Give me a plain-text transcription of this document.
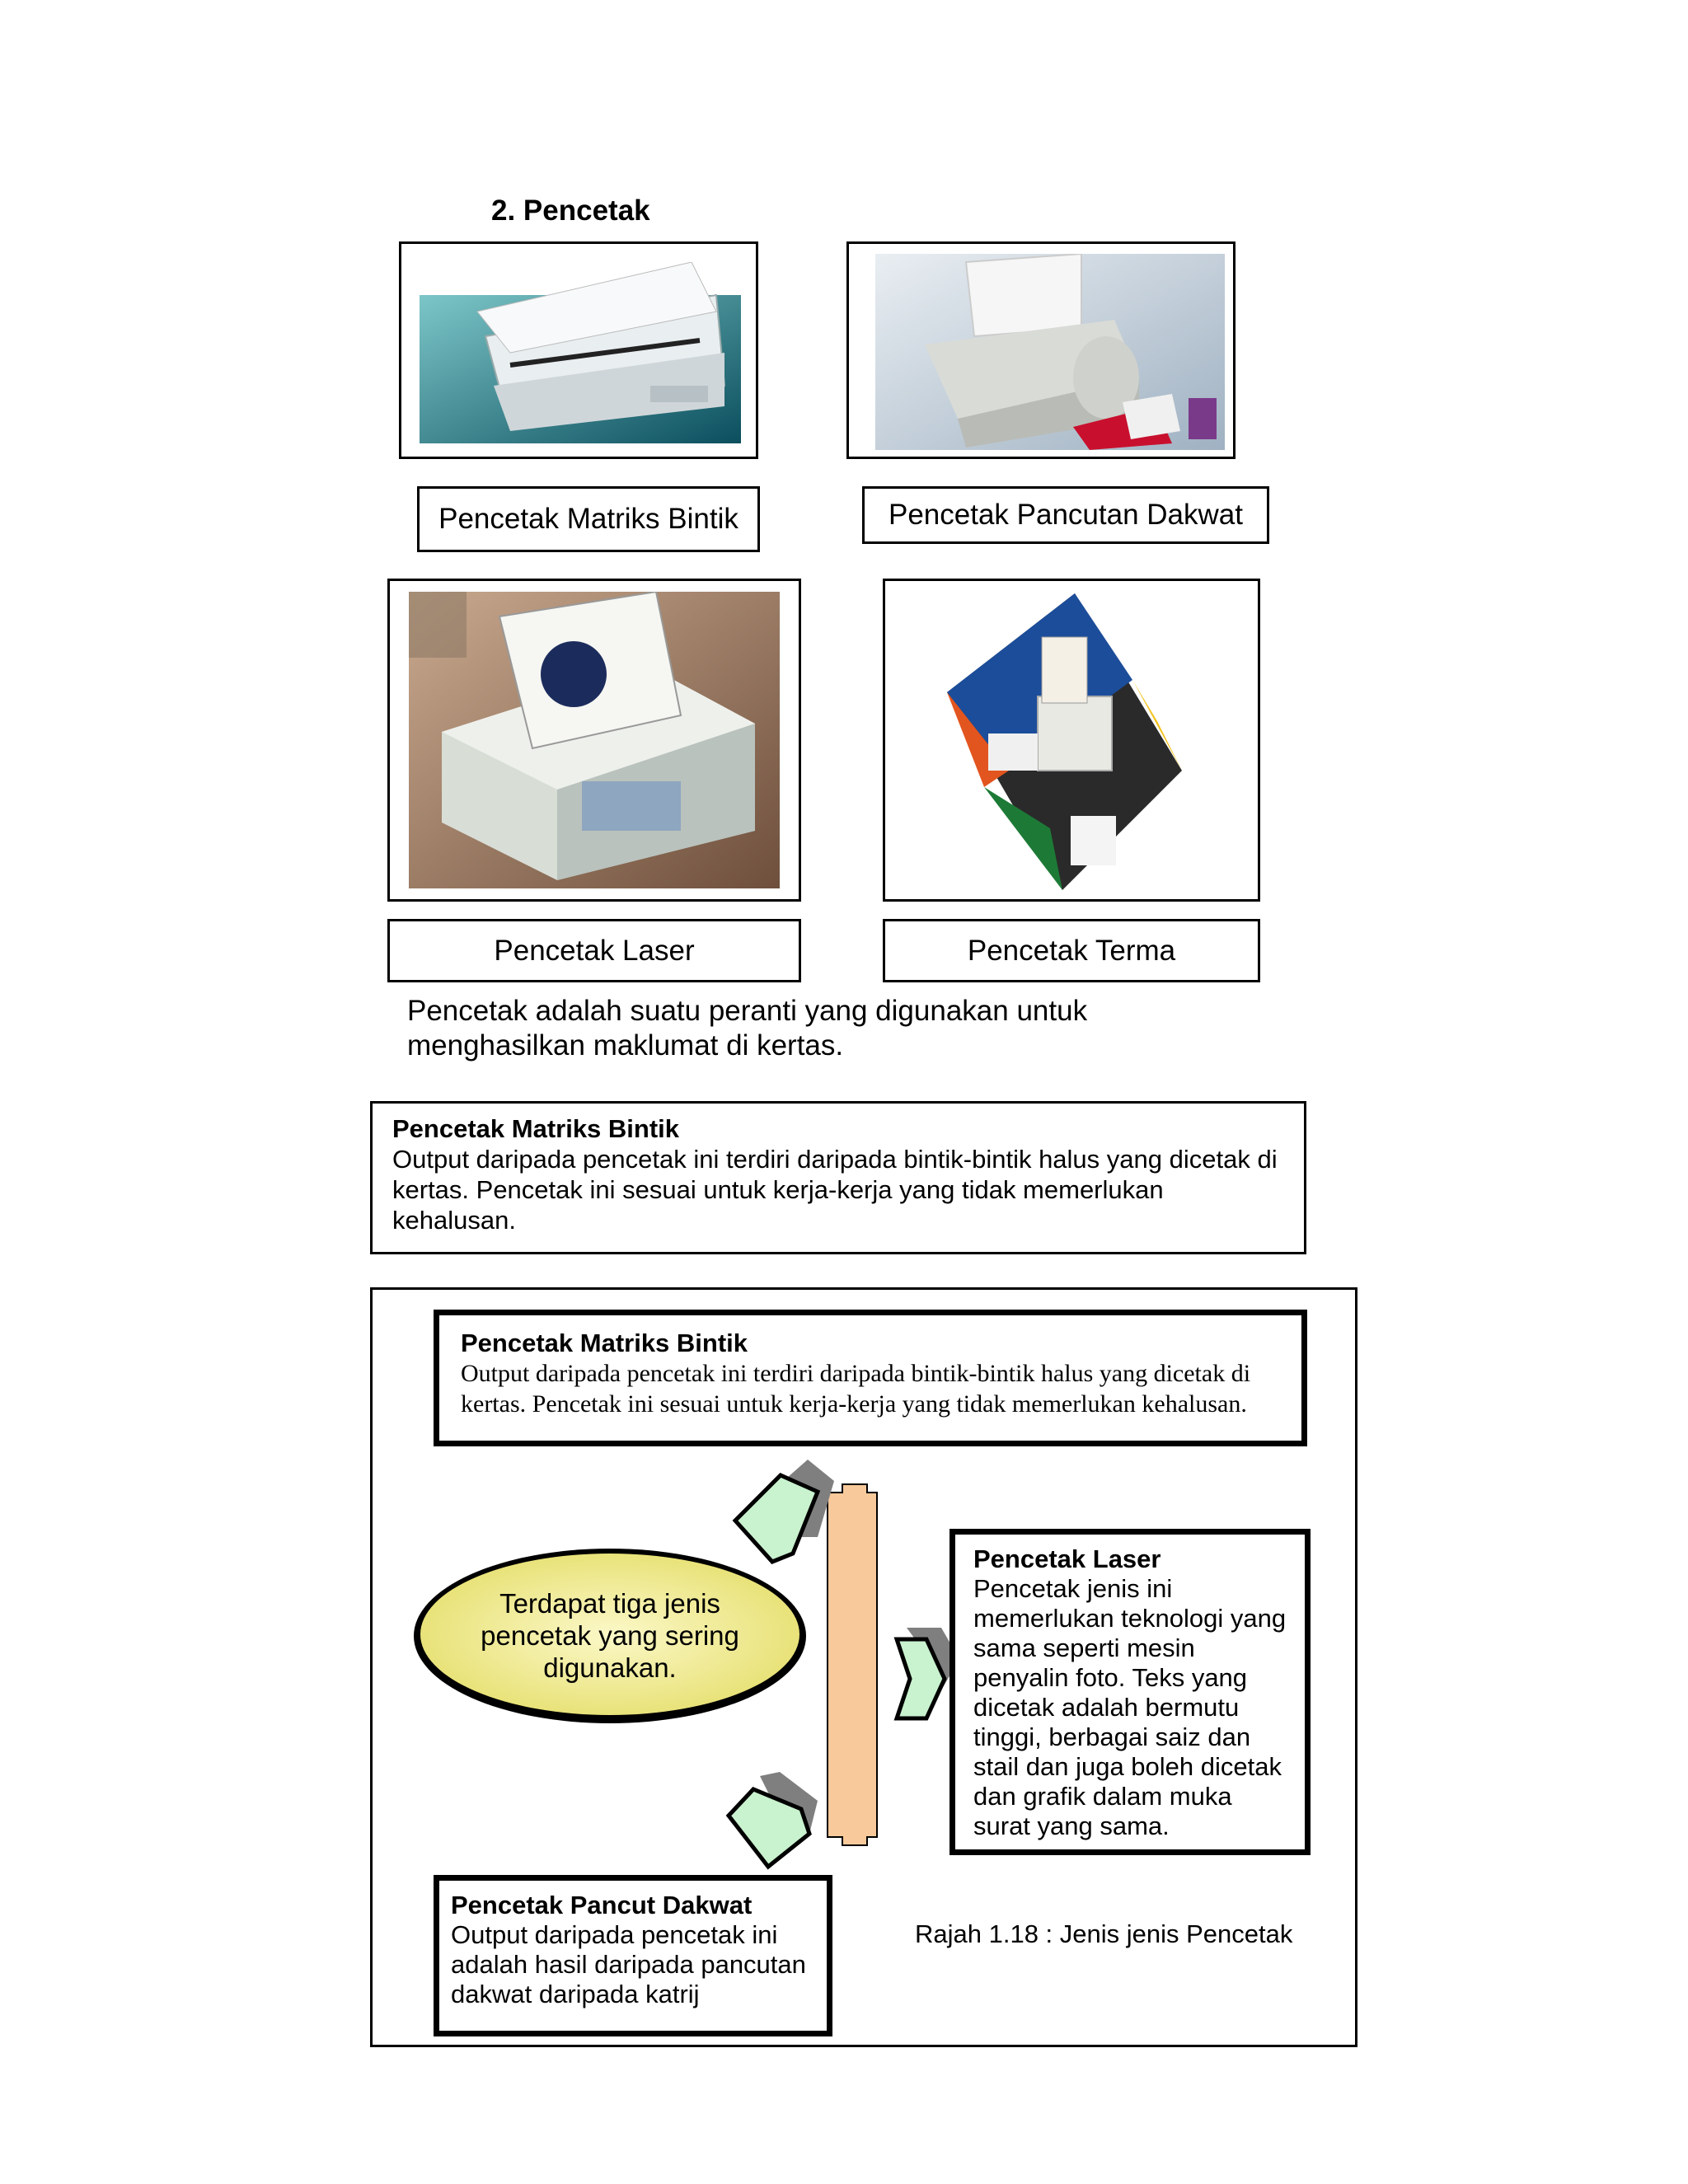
2. Pencetak
Pencetak Matriks Bintik	Pencetak Pancutan Dakwat
Pencetak Laser	Pencetak Terma
Pencetak adalah suatu peranti yang digunakan untuk menghasilkan maklumat di kertas.
Pencetak Matriks Bintik
Output daripada pencetak ini terdiri daripada bintik-bintik halus yang dicetak di kertas. Pencetak ini sesuai untuk kerja-kerja yang tidak memerlukan kehalusan.
Pencetak Matriks Bintik
Output daripada pencetak ini terdiri daripada bintik-bintik halus yang dicetak di kertas. Pencetak ini sesuai untuk kerja-kerja yang tidak memerlukan kehalusan.
Terdapat tiga jenis pencetak yang sering digunakan.
Pencetak Laser
Pencetak jenis ini memerlukan teknologi yang sama seperti mesin penyalin foto. Teks yang dicetak adalah bermutu tinggi, berbagai saiz dan stail dan juga boleh dicetak dan grafik dalam muka surat yang sama.
Pencetak Pancut Dakwat
Output daripada pencetak ini adalah hasil daripada pancutan dakwat daripada katrij
Rajah 1.18 : Jenis jenis Pencetak
